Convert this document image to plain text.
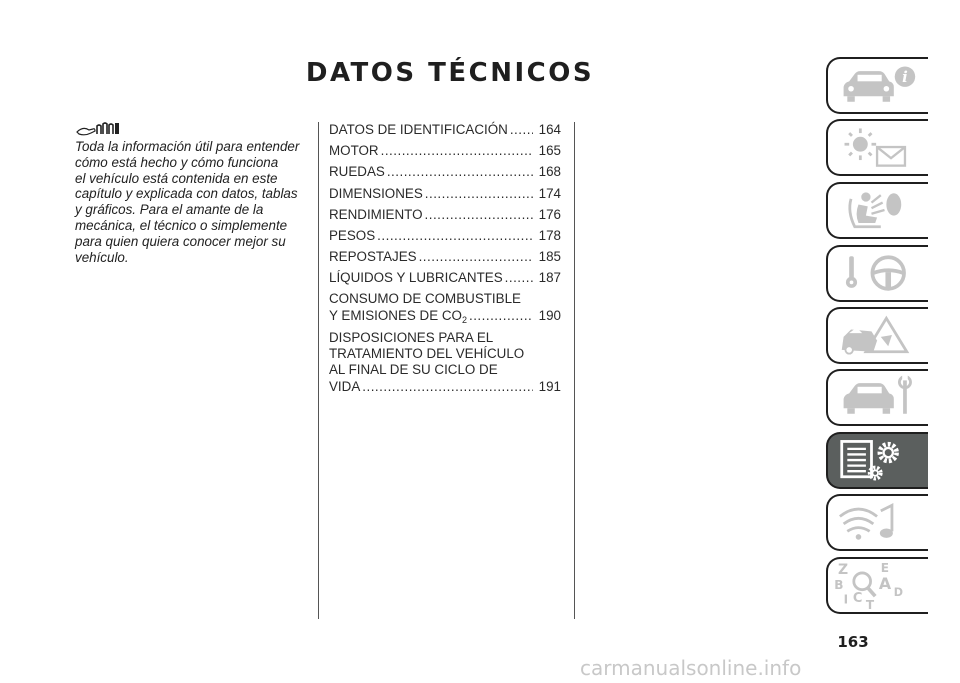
DATOS TÉCNICOS
Toda la información útil para entender
cómo está hecho y cómo funciona
el vehículo está contenida en este
capítulo y explicada con datos, tablas
y gráficos. Para el amante de la
mecánica, el técnico o simplemente
para quien quiera conocer mejor su
vehículo.
DATOS DE IDENTIFICACIÓN ..... 164
MOTOR .....	165
RUEDAS .....	168
DIMENSIONES .....	174
RENDIMIENTO .....	176
PESOS .....	178
REPOSTAJES .....	185
LÍQUIDOS Y LUBRICANTES .....	187
CONSUMO DE COMBUSTIBLE
Y EMISIONES DE $CO_2$ .....	190
DISPOSICIONES PARA EL
TRATAMIENTO DEL VEHÍCULO
AL FINAL DE SU CICLO DE
VIDA .....	191
i
Z	E
A
B
D
I C T
163
carmanualsonline.info
